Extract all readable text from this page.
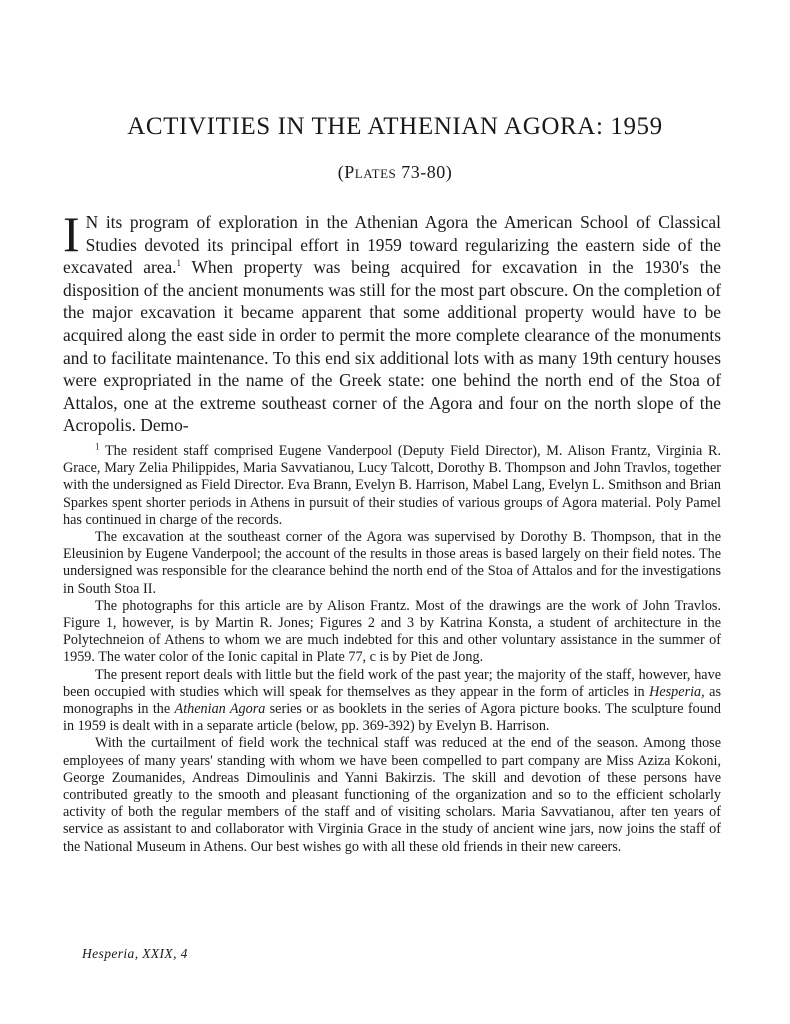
ACTIVITIES IN THE ATHENIAN AGORA: 1959
(Plates 73-80)
I N its program of exploration in the Athenian Agora the American School of Classical Studies devoted its principal effort in 1959 toward regularizing the eastern side of the excavated area.$^1$ When property was being acquired for excavation in the 1930's the disposition of the ancient monuments was still for the most part obscure. On the completion of the major excavation it became apparent that some additional property would have to be acquired along the east side in order to permit the more complete clearance of the monuments and to facilitate maintenance. To this end six additional lots with as many 19th century houses were expropriated in the name of the Greek state: one behind the north end of the Stoa of Attalos, one at the extreme southeast corner of the Agora and four on the north slope of the Acropolis. Demo-

$^1$ The resident staff comprised Eugene Vanderpool (Deputy Field Director), M. Alison Frantz, Virginia R. Grace, Mary Zelia Philippides, Maria Savvatianou, Lucy Talcott, Dorothy B. Thompson and John Travlos, together with the undersigned as Field Director. Eva Brann, Evelyn B. Harrison, Mabel Lang, Evelyn L. Smithson and Brian Sparkes spent shorter periods in Athens in pursuit of their studies of various groups of Agora material. Poly Pamel has continued in charge of the records.

The excavation at the southeast corner of the Agora was supervised by Dorothy B. Thompson, that in the Eleusinion by Eugene Vanderpool; the account of the results in those areas is based largely on their field notes. The undersigned was responsible for the clearance behind the north end of the Stoa of Attalos and for the investigations in South Stoa II.

The photographs for this article are by Alison Frantz. Most of the drawings are the work of John Travlos. Figure 1, however, is by Martin R. Jones; Figures 2 and 3 by Katrina Konsta, a student of architecture in the Polytechneion of Athens to whom we are much indebted for this and other voluntary assistance in the summer of 1959. The water color of the Ionic capital in Plate 77, c is by Piet de Jong.

The present report deals with little but the field work of the past year; the majority of the staff, however, have been occupied with studies which will speak for themselves as they appear in the form of articles in Hesperia, as monographs in the Athenian Agora series or as booklets in the series of Agora picture books. The sculpture found in 1959 is dealt with in a separate article (below, pp. 369-392) by Evelyn B. Harrison.

With the curtailment of field work the technical staff was reduced at the end of the season. Among those employees of many years' standing with whom we have been compelled to part company are Miss Aziza Kokoni, George Zoumanides, Andreas Dimoulinis and Yanni Bakirzis. The skill and devotion of these persons have contributed greatly to the smooth and pleasant functioning of the organization and so to the efficient scholarly activity of both the regular members of the staff and of visiting scholars. Maria Savvatianou, after ten years of service as assistant to and collaborator with Virginia Grace in the study of ancient wine jars, now joins the staff of the National Museum in Athens. Our best wishes go with all these old friends in their new careers.

Hesperia, XXIX, 4
